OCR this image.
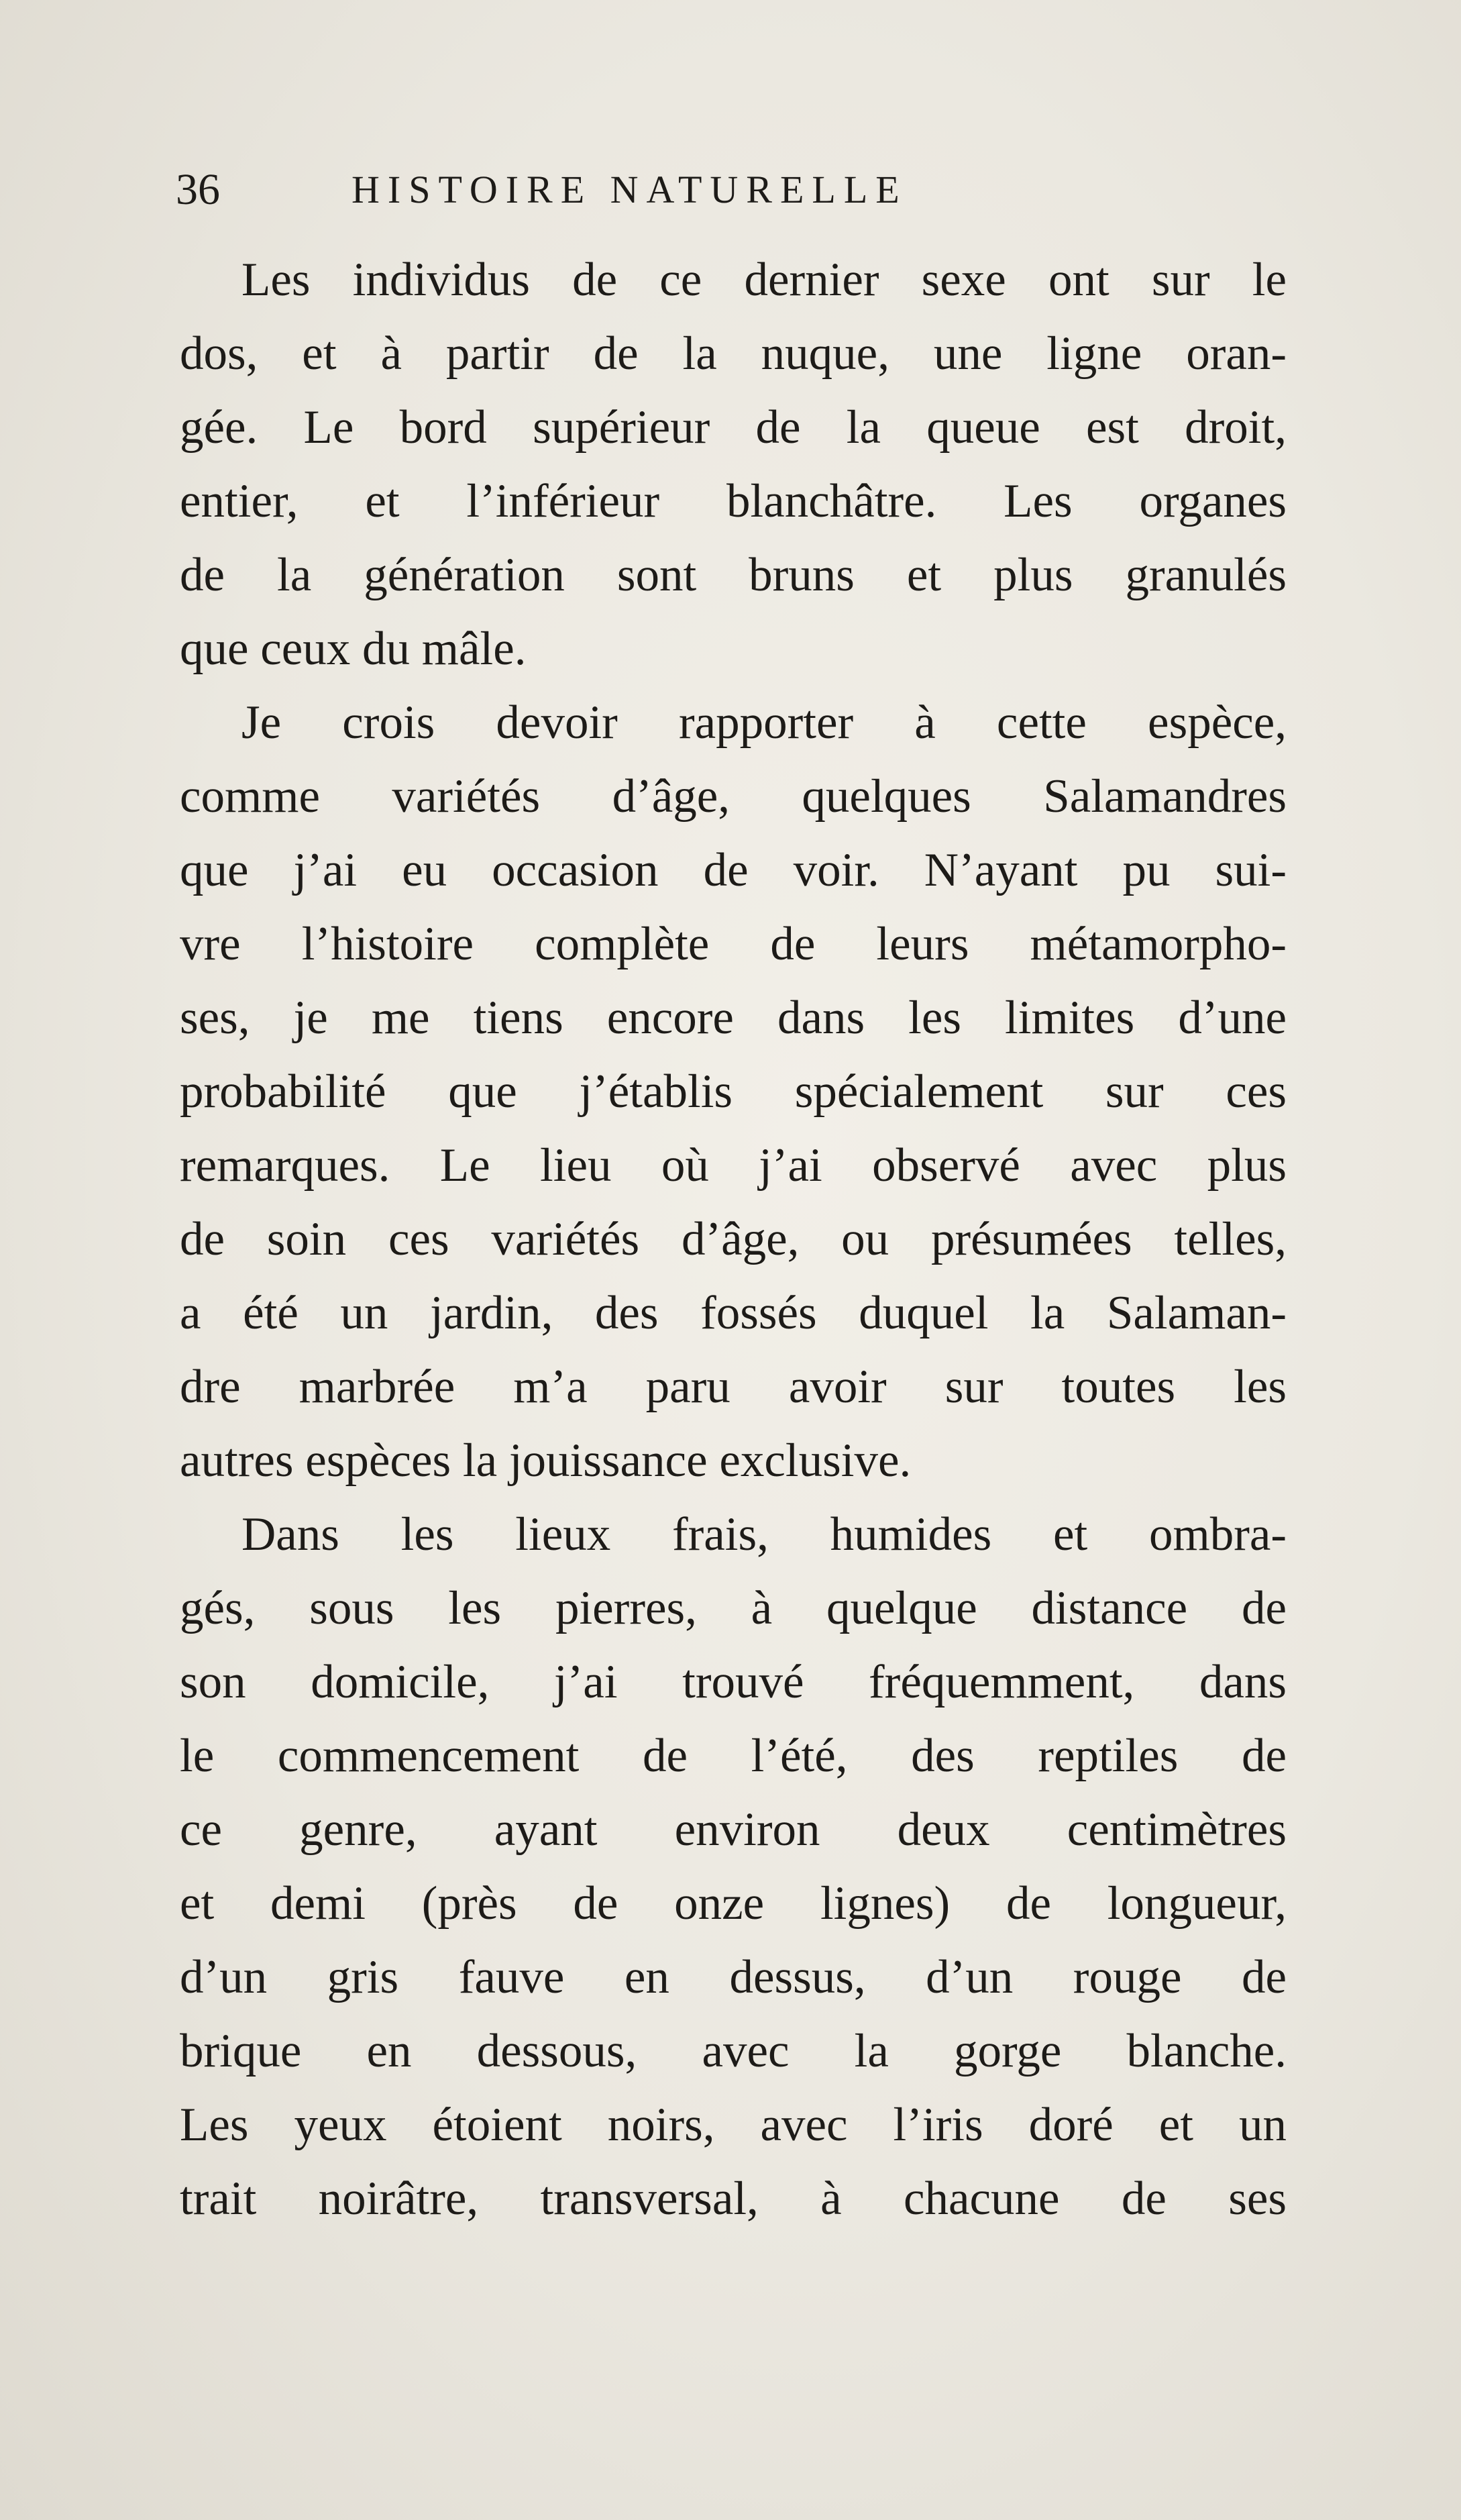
36	HISTOIRE NATURELLE

Les individus de ce dernier sexe ont sur le
dos, et à partir de la nuque, une ligne oran-
gée. Le bord supérieur de la queue est droit,
entier, et l’inférieur blanchâtre. Les organes
de la génération sont bruns et plus granulés
que ceux du mâle.

Je crois devoir rapporter à cette espèce,
comme variétés d’âge, quelques Salamandres
que j’ai eu occasion de voir. N’ayant pu sui-
vre l’histoire complète de leurs métamorpho-
ses, je me tiens encore dans les limites d’une
probabilité que j’établis spécialement sur ces
remarques. Le lieu où j’ai observé avec plus
de soin ces variétés d’âge, ou présumées telles,
a été un jardin, des fossés duquel la Salaman-
dre marbrée m’a paru avoir sur toutes les
autres espèces la jouissance exclusive.

Dans les lieux frais, humides et ombra-
gés, sous les pierres, à quelque distance de
son domicile, j’ai trouvé fréquemment, dans
le commencement de l’été, des reptiles de
ce genre, ayant environ deux centimètres
et demi (près de onze lignes) de longueur,
d’un gris fauve en dessus, d’un rouge de
brique en dessous, avec la gorge blanche.
Les yeux étoient noirs, avec l’iris doré et un
trait noirâtre, transversal, à chacune de ses
